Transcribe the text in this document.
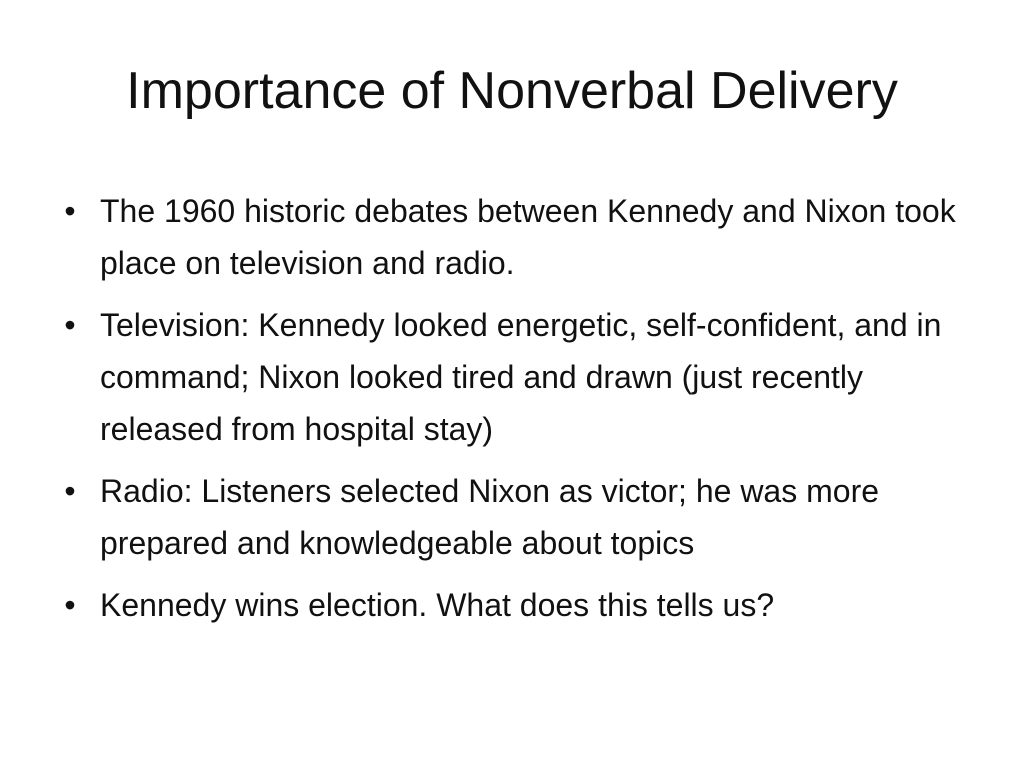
Importance of Nonverbal Delivery
• The 1960 historic debates between Kennedy and Nixon took place on television and radio.
• Television: Kennedy looked energetic, self-confident, and in command; Nixon looked tired and drawn (just recently released from hospital stay)
• Radio: Listeners selected Nixon as victor; he was more prepared and knowledgeable about topics
• Kennedy wins election. What does this tells us?
